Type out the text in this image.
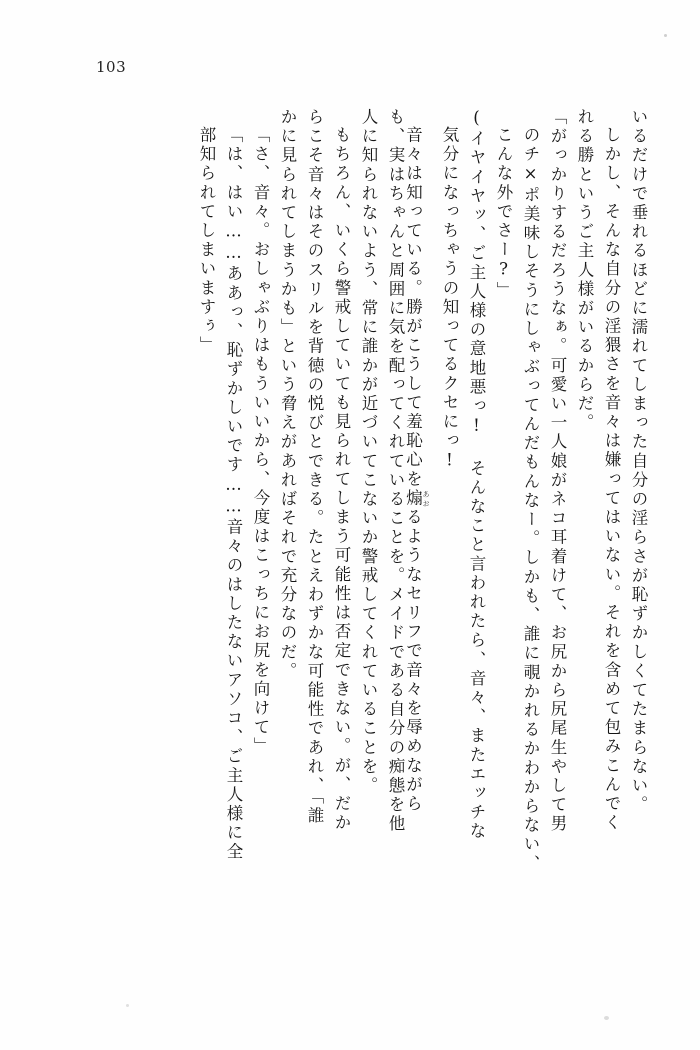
103
いるだけで垂れるほどに濡れてしまった自分の淫らさが恥ずかしくてたまらない。
しかし、そんな自分の淫猥さを音々は嫌ってはいない。それを含めて包みこんでく
れる勝というご主人様がいるからだ。
「がっかりするだろうなぁ。可愛い一人娘がネコ耳着けて、お尻から尻尾生やして男
のチ×ポ美味しそうにしゃぶってんだもんなー。しかも、誰に覗かれるかわからない、
こんな外でさー?」
(イヤイヤッ、ご主人様の意地悪っ! そんなこと言われたら、音々、またエッチな
気分になっちゃうの知ってるクセにっ!
音々は知っている。勝がこうして羞恥心を煽 あおるようなセリフで音々を辱めながら
も、実はちゃんと周囲に気を配ってくれていることを。メイドである自分の痴態を他
人に知られないよう、常に誰かが近づいてこないか警戒してくれていることを。
もちろん、いくら警戒していても見られてしまう可能性は否定できない。が、だか
らこそ音々はそのスリルを背徳の悦びとできる。たとえわずかな可能性であれ、「誰
かに見られてしまうかも」という脅えがあればそれで充分なのだ。
「さ、音々。おしゃぶりはもういいから、今度はこっちにお尻を向けて」
「は、はい……ああっ、恥ずかしいです……音々のはしたないアソコ、ご主人様に全
部知られてしまいますぅ」
